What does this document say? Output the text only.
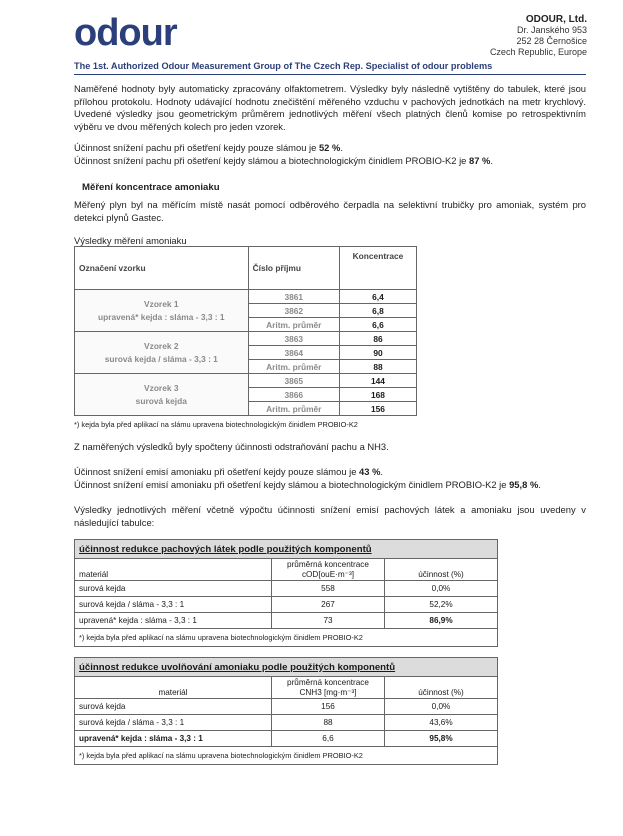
odour	ODOUR, Ltd.
Dr. Janského 953
252 28 Černošice
Czech Republic, Europe
The 1st. Authorized Odour Measurement Group of The Czech Rep. Specialist of odour problems
Naměřené hodnoty byly automaticky zpracovány olfaktometrem. Výsledky byly následně vytištěny do tabulek, které jsou přílohou protokolu. Hodnoty udávající hodnotu znečištění měřeného vzduchu v pachových jednotkách na metr krychlový. Uvedené výsledky jsou geometrickým průměrem jednotlivých měření všech platných členů komise po retrospektivním výběru ve dvou měřených kolech pro jeden vzorek.
Účinnost snížení pachu při ošetření kejdy pouze slámou je 52 %.
Účinnost snížení pachu při ošetření kejdy slámou a biotechnologickým činidlem PROBIO-K2 je 87 %.
Měření koncentrace amoniaku
Měřený plyn byl na měřícím místě nasát pomocí odběrového čerpadla na selektivní trubičky pro amoniak, systém pro detekci plynů Gastec.
Výsledky měření amoniaku
Označení vzorku	Číslo příjmu	Koncentrace

Vzorek 1
upravená* kejda : sláma - 3,3 : 1	3861	6,4
	3862	6,8
	Aritm. průměr	6,6

Vzorek 2
surová kejda / sláma - 3,3 : 1	3863	86
	3864	90
	Aritm. průměr	88

Vzorek 3
surová kejda	3865	144
	3866	168
	Aritm. průměr	156
*) kejda byla před aplikací na slámu upravena biotechnologickým činidlem PROBIO-K2
Z naměřených výsledků byly spočteny účinnosti odstraňování pachu a NH3.
Účinnost snížení emisí amoniaku při ošetření kejdy pouze slámou je 43 %.
Účinnost snížení emisí amoniaku při ošetření kejdy slámou a biotechnologickým činidlem PROBIO-K2 je 95,8 %.
Výsledky jednotlivých měření včetně výpočtu účinnosti snížení emisí pachových látek a amoniaku jsou uvedeny v následující tabulce:
účinnost redukce pachových látek podle použitých komponentů		
materiál	průměrná koncentrace
cOD[ouE·m⁻³]	účinnost (%)
surová kejda	558	0,0%
surová kejda / sláma - 3,3 : 1	267	52,2%
upravená* kejda : sláma - 3,3 : 1	73	86,9%
*) kejda byla před aplikací na slámu upravena biotechnologickým činidlem PROBIO-K2		
účinnost redukce uvolňování amoniaku podle použitých komponentů		
materiál	průměrná koncentrace
CNH3 [mg·m⁻³]	účinnost (%)
surová kejda	156	0,0%
surová kejda / sláma - 3,3 : 1	88	43,6%
upravená* kejda : sláma - 3,3 : 1	6,6	95,8%
*) kejda byla před aplikací na slámu upravena biotechnologickým činidlem PROBIO-K2		
